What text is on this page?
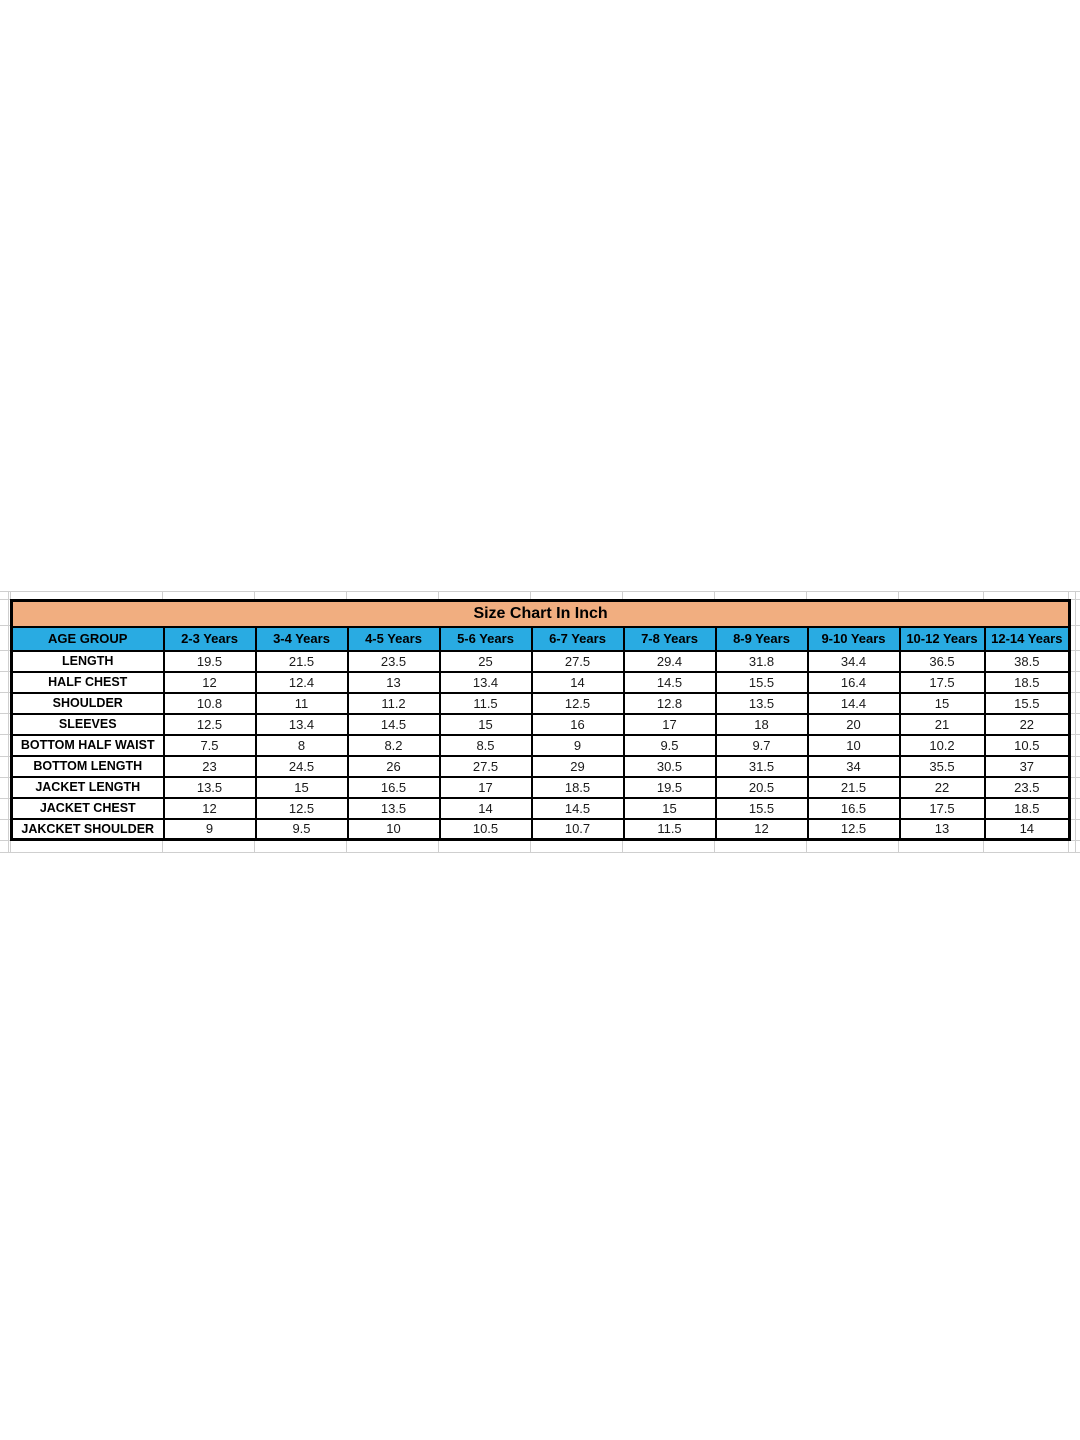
Size Chart In Inch										
AGE GROUP	2-3 Years	3-4 Years	4-5 Years	5-6 Years	6-7 Years	7-8 Years	8-9 Years	9-10 Years	10-12 Years	12-14 Years
LENGTH	19.5	21.5	23.5	25	27.5	29.4	31.8	34.4	36.5	38.5
HALF CHEST	12	12.4	13	13.4	14	14.5	15.5	16.4	17.5	18.5
SHOULDER	10.8	11	11.2	11.5	12.5	12.8	13.5	14.4	15	15.5
SLEEVES	12.5	13.4	14.5	15	16	17	18	20	21	22
BOTTOM HALF WAIST	7.5	8	8.2	8.5	9	9.5	9.7	10	10.2	10.5
BOTTOM LENGTH	23	24.5	26	27.5	29	30.5	31.5	34	35.5	37
JACKET LENGTH	13.5	15	16.5	17	18.5	19.5	20.5	21.5	22	23.5
JACKET CHEST	12	12.5	13.5	14	14.5	15	15.5	16.5	17.5	18.5
JAKCKET SHOULDER	9	9.5	10	10.5	10.7	11.5	12	12.5	13	14
